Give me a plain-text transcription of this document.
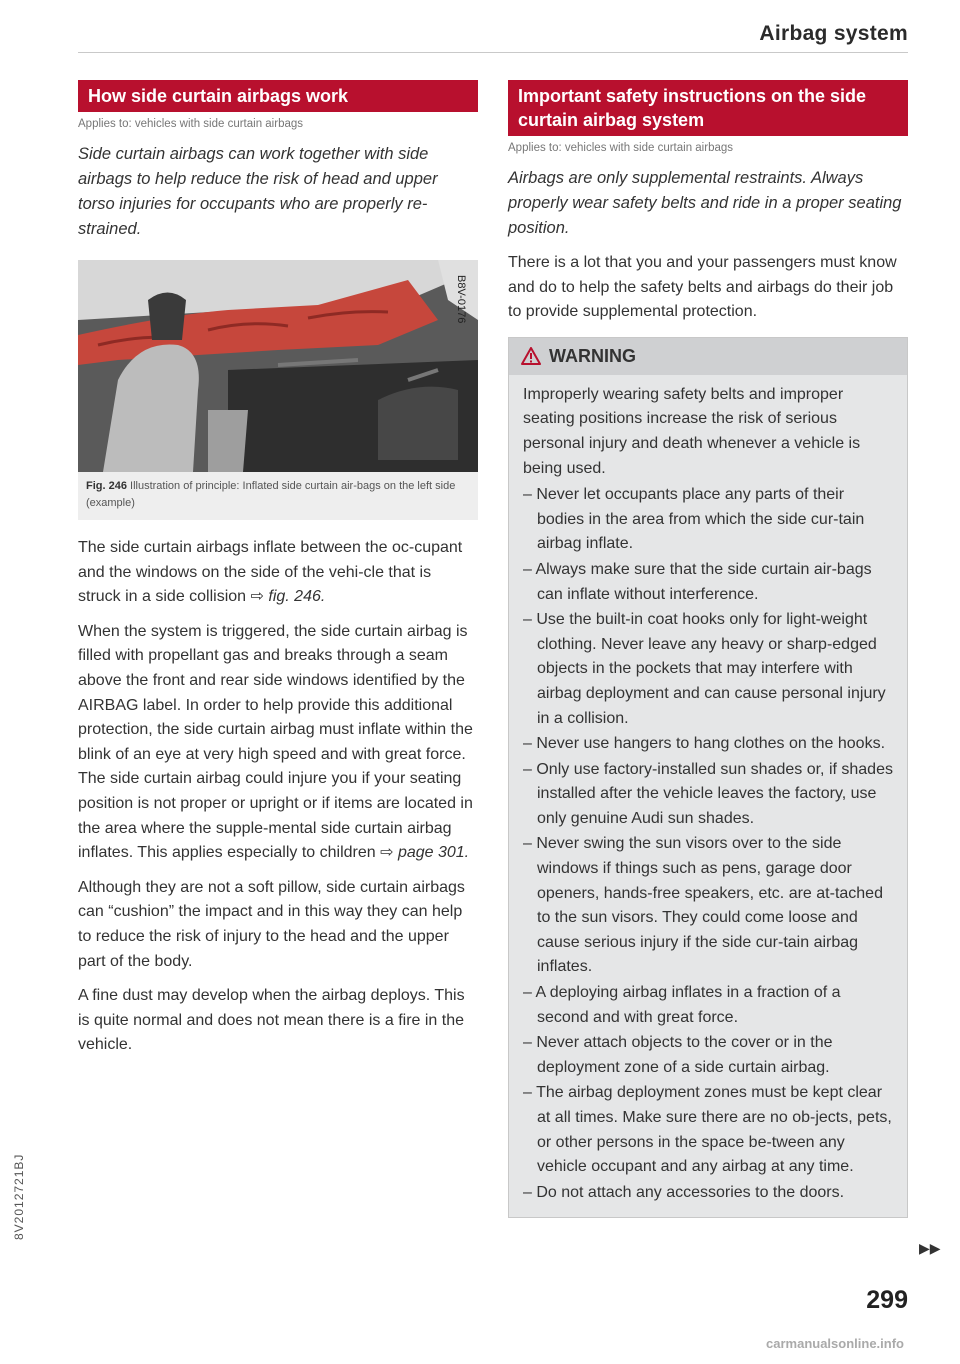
Airbag system
How side curtain airbags work
Applies to: vehicles with side curtain airbags
Side curtain airbags can work together with side airbags to help reduce the risk of head and upper torso injuries for occupants who are properly re-strained.
B8V-0176
Fig. 246 Illustration of principle: Inflated side curtain air-bags on the left side (example)

The side curtain airbags inflate between the oc-cupant and the windows on the side of the vehi-cle that is struck in a side collision ⇨ fig. 246.

When the system is triggered, the side curtain airbag is filled with propellant gas and breaks through a seam above the front and rear side windows identified by the AIRBAG label. In order to help provide this additional protection, the side curtain airbag must inflate within the blink of an eye at very high speed and with great force. The side curtain airbag could injure you if your seating position is not proper or upright or if items are located in the area where the supple-mental side curtain airbag inflates. This applies especially to children ⇨ page 301.

Although they are not a soft pillow, side curtain airbags can “cushion” the impact and in this way they can help to reduce the risk of injury to the head and the upper part of the body.

A fine dust may develop when the airbag deploys. This is quite normal and does not mean there is a fire in the vehicle.

Important safety instructions on the side curtain airbag system
Applies to: vehicles with side curtain airbags
Airbags are only supplemental restraints. Always properly wear safety belts and ride in a proper seating position.

There is a lot that you and your passengers must know and do to help the safety belts and airbags do their job to provide supplemental protection.

WARNING

Improperly wearing safety belts and improper seating positions increase the risk of serious personal injury and death whenever a vehicle is being used.

– Never let occupants place any parts of their bodies in the area from which the side cur-tain airbag inflate.
– Always make sure that the side curtain air-bags can inflate without interference.
– Use the built-in coat hooks only for light-weight clothing. Never leave any heavy or sharp-edged objects in the pockets that may interfere with airbag deployment and can cause personal injury in a collision.
– Never use hangers to hang clothes on the hooks.
– Only use factory-installed sun shades or, if shades installed after the vehicle leaves the factory, use only genuine Audi sun shades.
– Never swing the sun visors over to the side windows if things such as pens, garage door openers, hands-free speakers, etc. are at-tached to the sun visors. They could come loose and cause serious injury if the side cur-tain airbag inflates.
– A deploying airbag inflates in a fraction of a second and with great force.
– Never attach objects to the cover or in the deployment zone of a side curtain airbag.
– The airbag deployment zones must be kept clear at all times. Make sure there are no ob-jects, pets, or other persons in the space be-tween any vehicle occupant and any airbag at any time.
– Do not attach any accessories to the doors.
▶▶
299
8V2012721BJ
carmanualsonline.info
